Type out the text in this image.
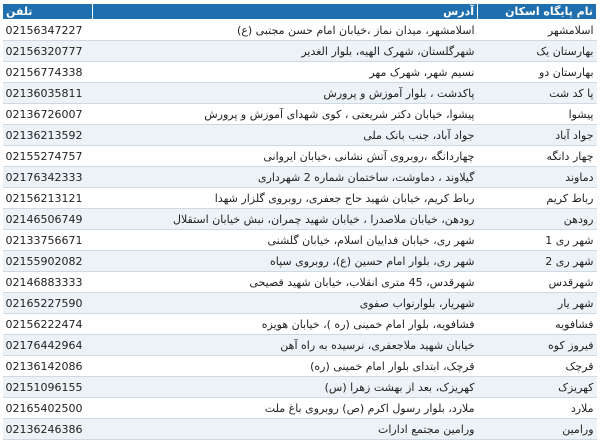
تلفن	آدرس	نام پایگاه اسکان
02156347227	اسلامشهر، میدان نماز ،خیابان امام حسن مجتبی (ع)	اسلامشهر
02156320777	شهرگلستان، شهرک الهیه، بلوار الغدیر	بهارستان یک
02156774338	نسیم شهر، شهرک مهر	بهارستان دو
02136035811	پاکدشت ، بلوار آموزش و پرورش	پا کد شت
02136726007	پیشوا، خیابان دکتر شریعتی ، کوی شهدای آموزش و پرورش	پیشوا
02136213592	جواد آباد، جنب بانک ملی	جواد آباد
02155274757	چهاردانگه ،روبروی آتش نشانی ،خیابان ایروانی	چهار دانگه
02176342333	گیلاوند ، دماوشت، ساختمان شماره 2 شهرداری	دماوند
02156213121	رباط کریم، خیابان شهید حاج جعفری، روبروی گلزار شهدا	رباط کریم
02146506749	رودهن، خیابان ملاصدرا ، خیابان شهید چمران، نبش خیابان استقلال	رودهن
02133756671	شهر ری، خیابان فداییان اسلام، خیابان گلشنی	شهر ری 1
02155902082	شهر ری، بلوار امام حسین (ع)، روبروی سپاه	شهر ری 2
02146883333	شهرقدس، 45 متری انقلاب، خیابان شهید فصیحی	شهرقدس
02165227590	شهریار، بلوارنواب صفوی	شهر یار
02156222474	فشافویه، بلوار امام خمینی (ره )، خیابان هویزه	فشافویه
02176442964	خیابان شهید ملاجعفری، نرسیده به راه آهن	فیروز کوه
02136142086	قرچک، ابتدای بلوار امام خمینی (ره)	قرچک
02151096155	کهریزک، بعد از بهشت زهرا (س)	کهریزک
02165402500	ملارد، بلوار رسول اکرم (ص) روبروی باغ ملت	ملارد
02136246386	ورامین مجتمع ادارات	ورامین
